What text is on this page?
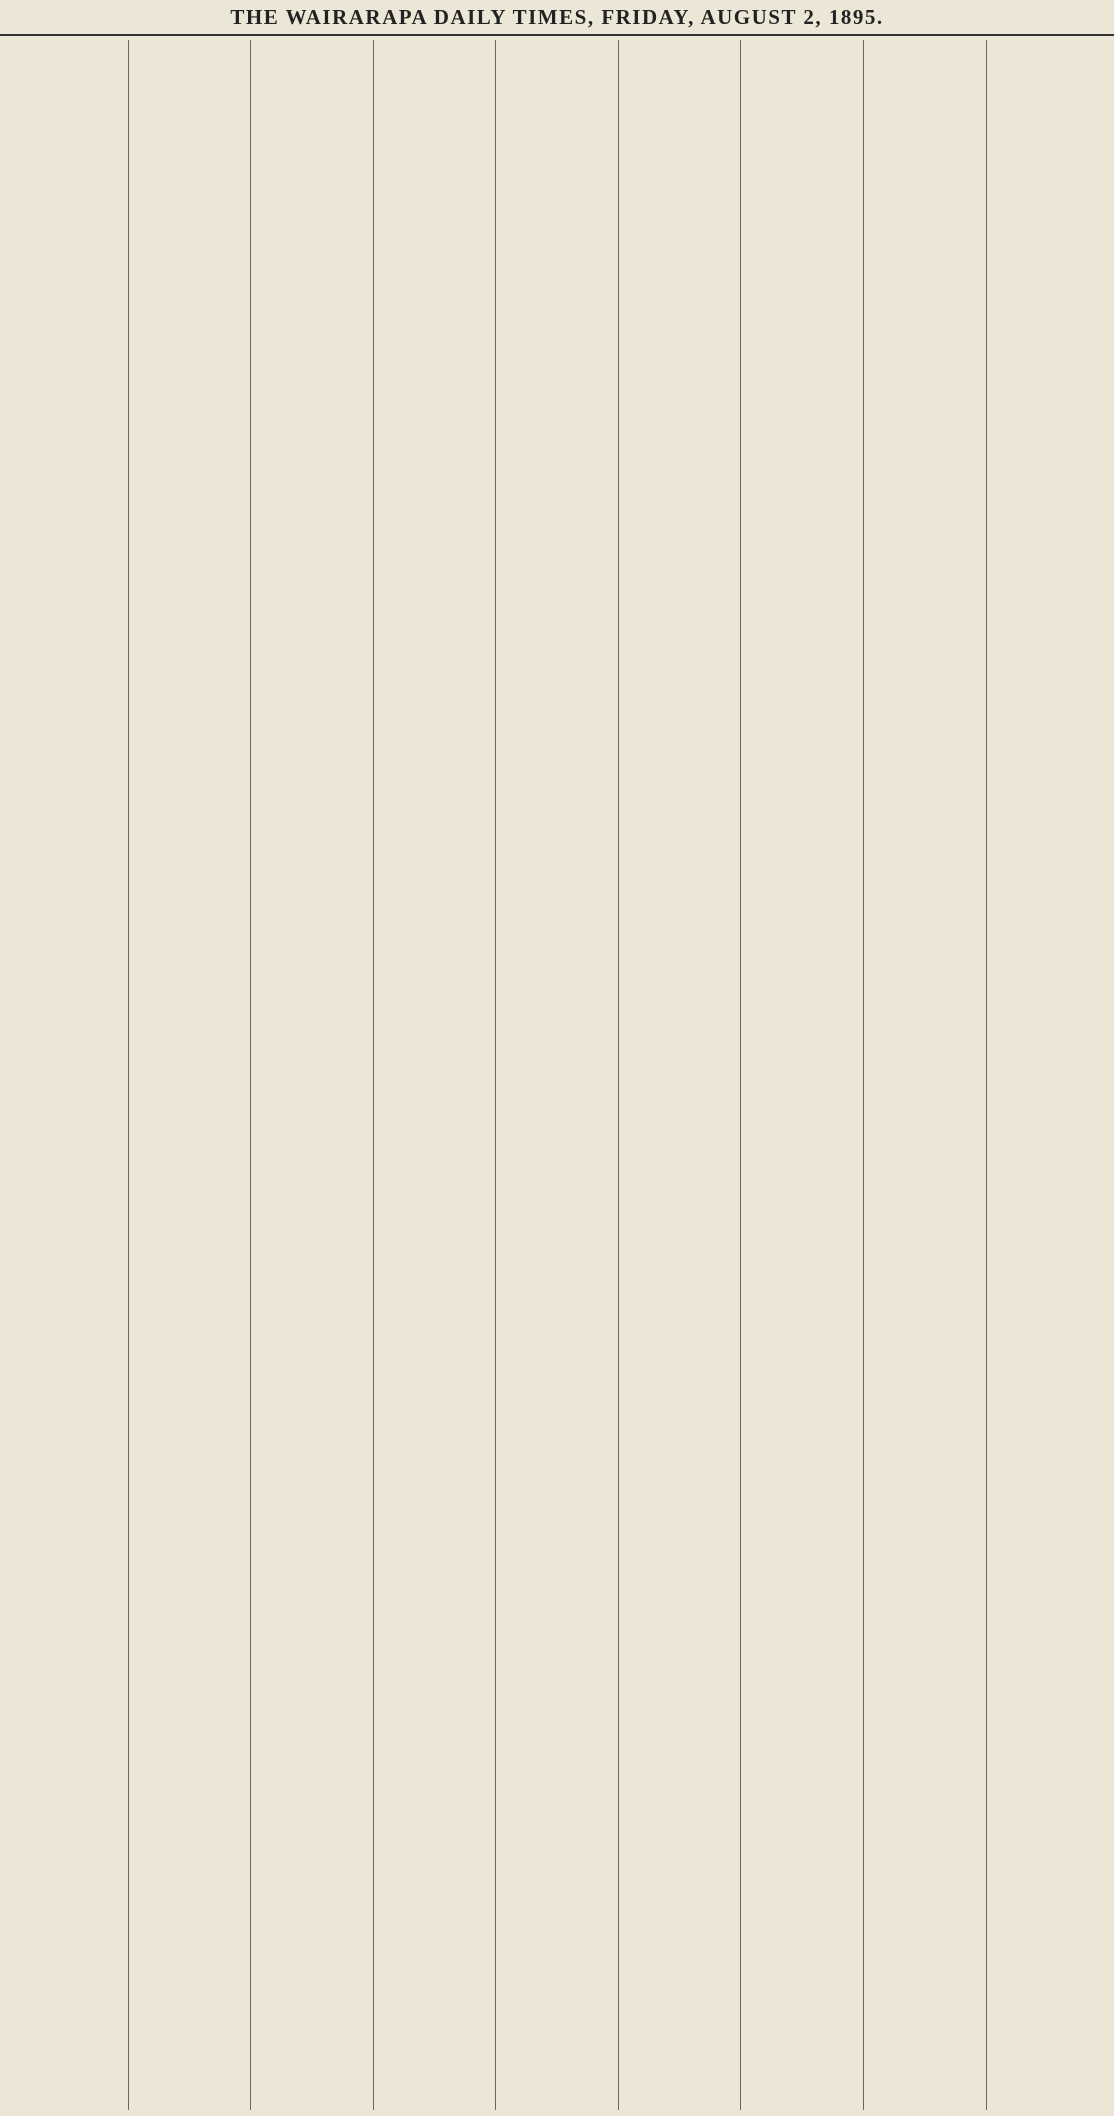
THE WAIRARAPA DAILY TIMES, FRIDAY, AUGUST 2, 1895.
